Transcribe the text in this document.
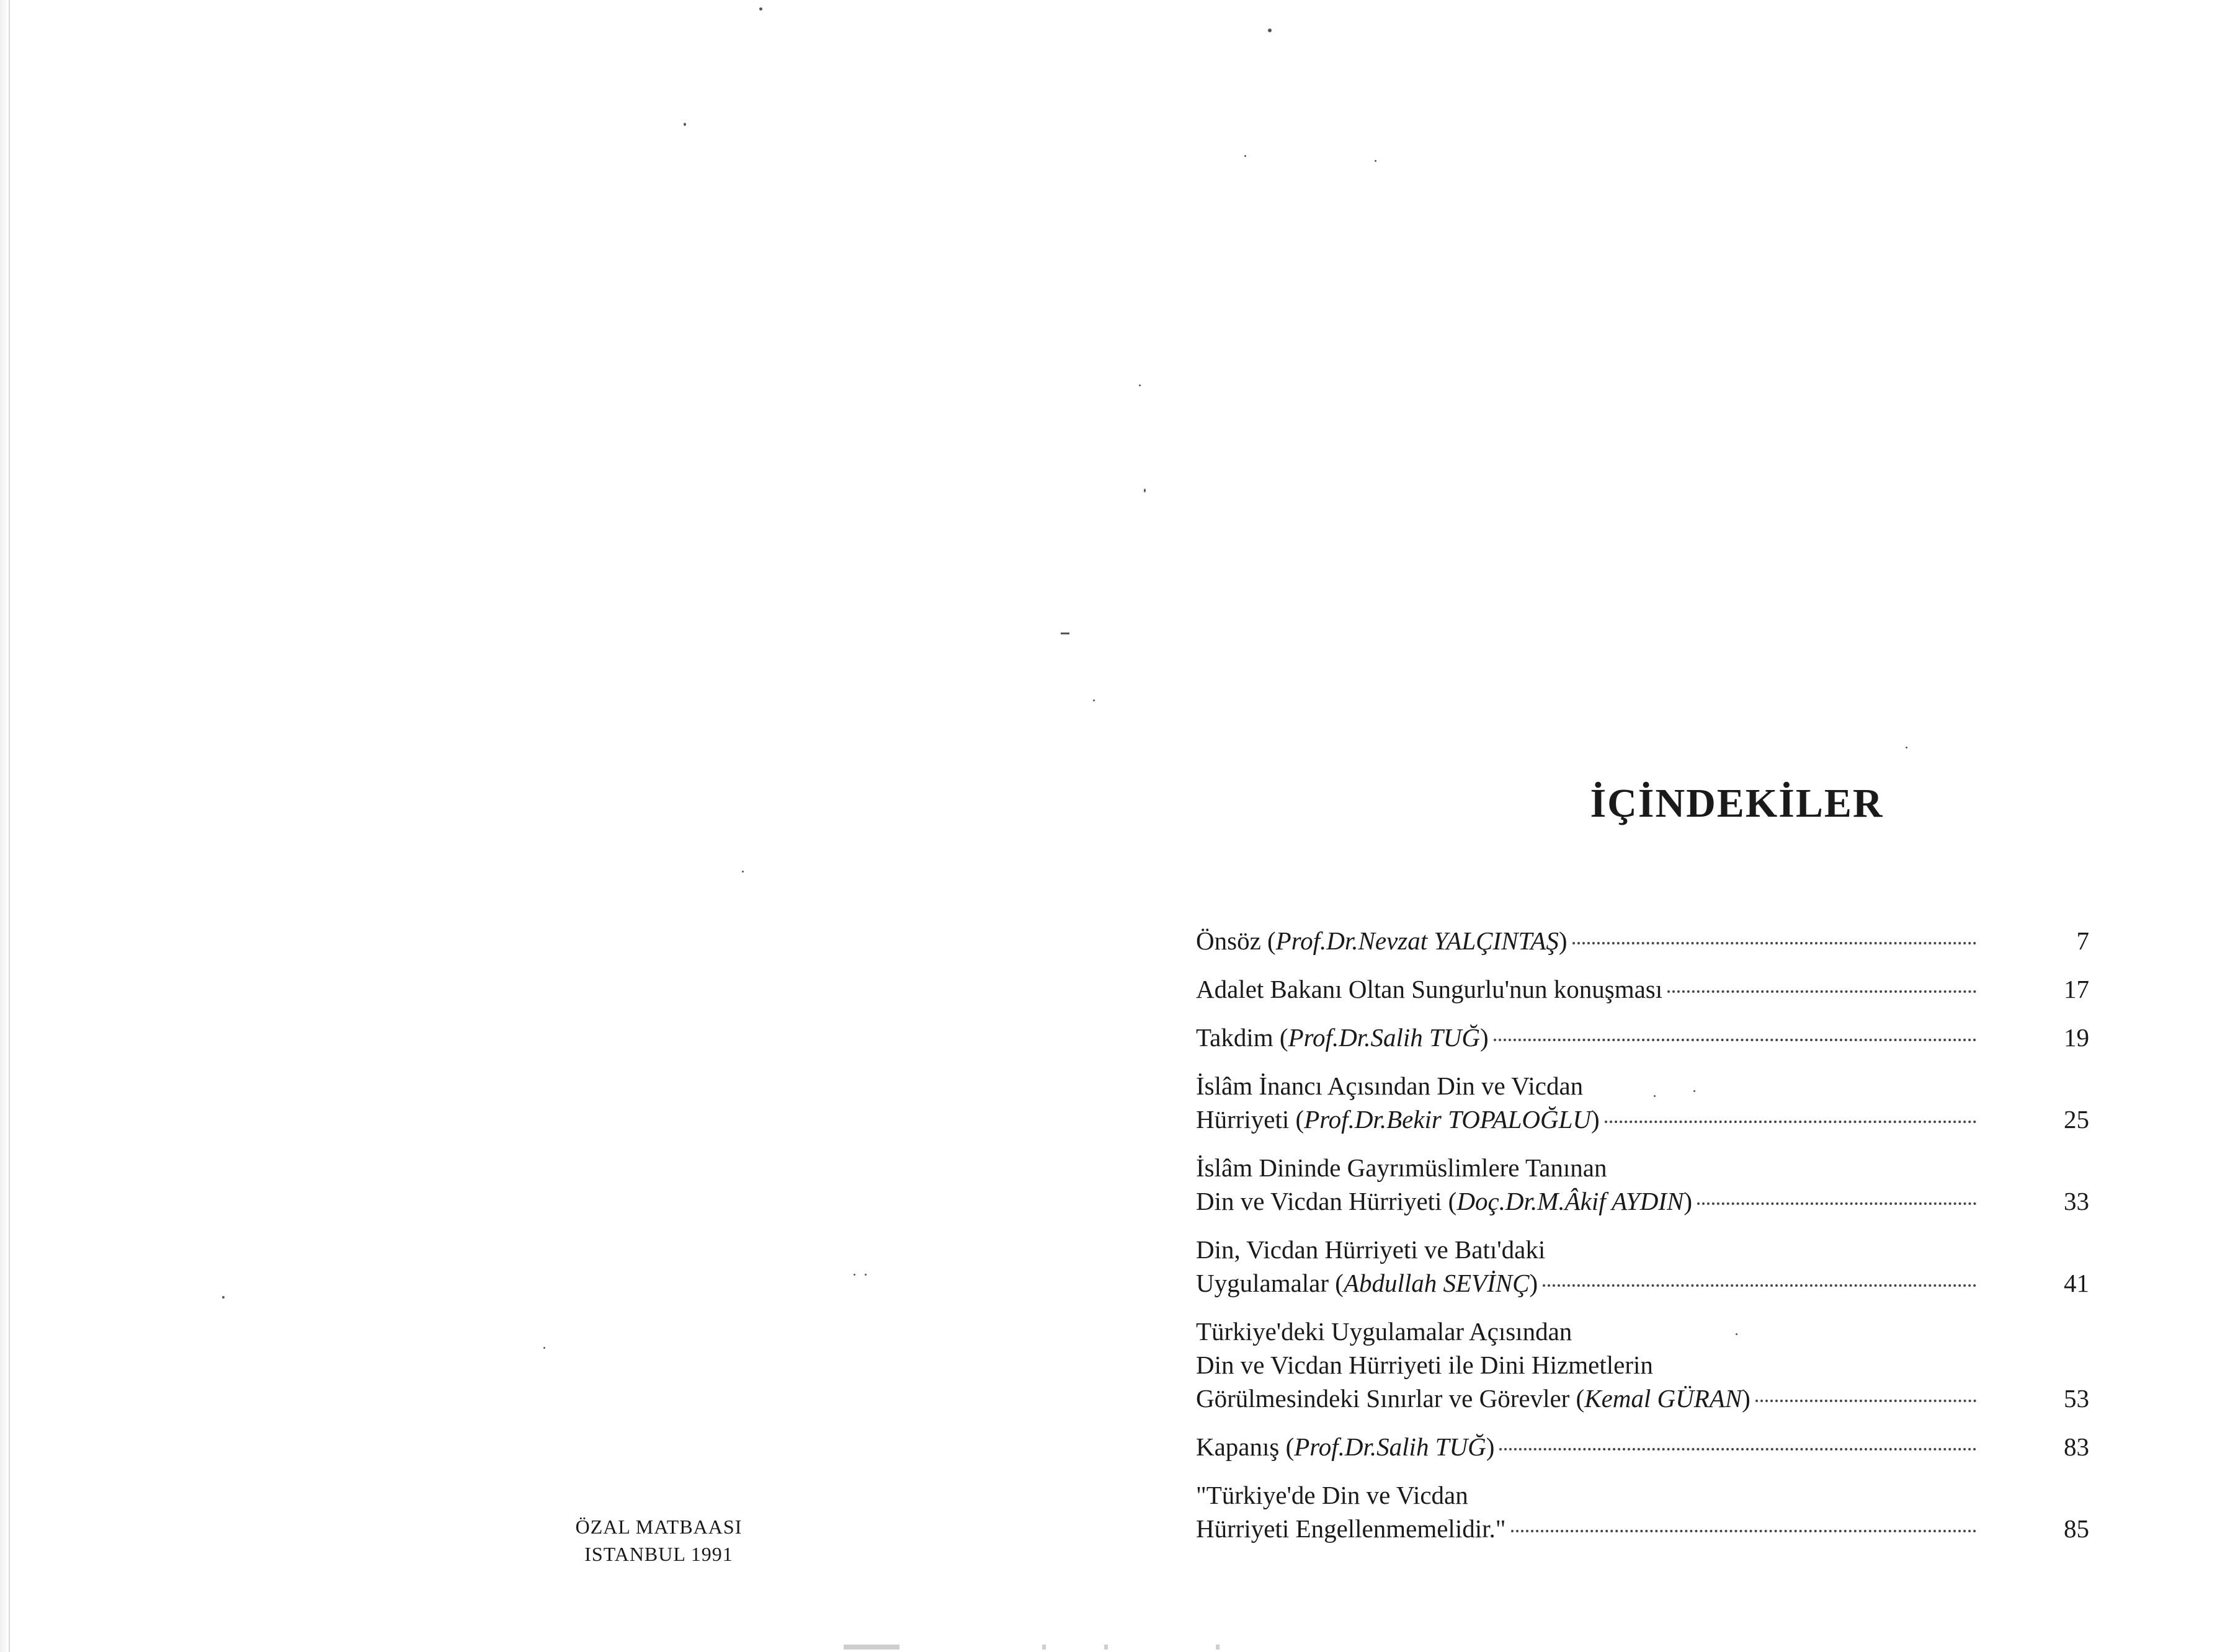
ÖZAL MATBAASI
ISTANBUL 1991
İÇİNDEKİLER
Önsöz (Prof.Dr.Nevzat YALÇINTAŞ)	7
Adalet Bakanı Oltan Sungurlu'nun konuşması	17
Takdim (Prof.Dr.Salih TUĞ)	19
İslâm İnancı Açısından Din ve Vicdan
Hürriyeti (Prof.Dr.Bekir TOPALOĞLU)	25
İslâm Dininde Gayrımüslimlere Tanınan
Din ve Vicdan Hürriyeti (Doç.Dr.M.Âkif AYDIN)	33
Din, Vicdan Hürriyeti ve Batı'daki
Uygulamalar (Abdullah SEVİNÇ)	41
Türkiye'deki Uygulamalar Açısından
Din ve Vicdan Hürriyeti ile Dini Hizmetlerin
Görülmesindeki Sınırlar ve Görevler (Kemal GÜRAN)	53
Kapanış (Prof.Dr.Salih TUĞ)	83
"Türkiye'de Din ve Vicdan
Hürriyeti Engellenmemelidir."	85
